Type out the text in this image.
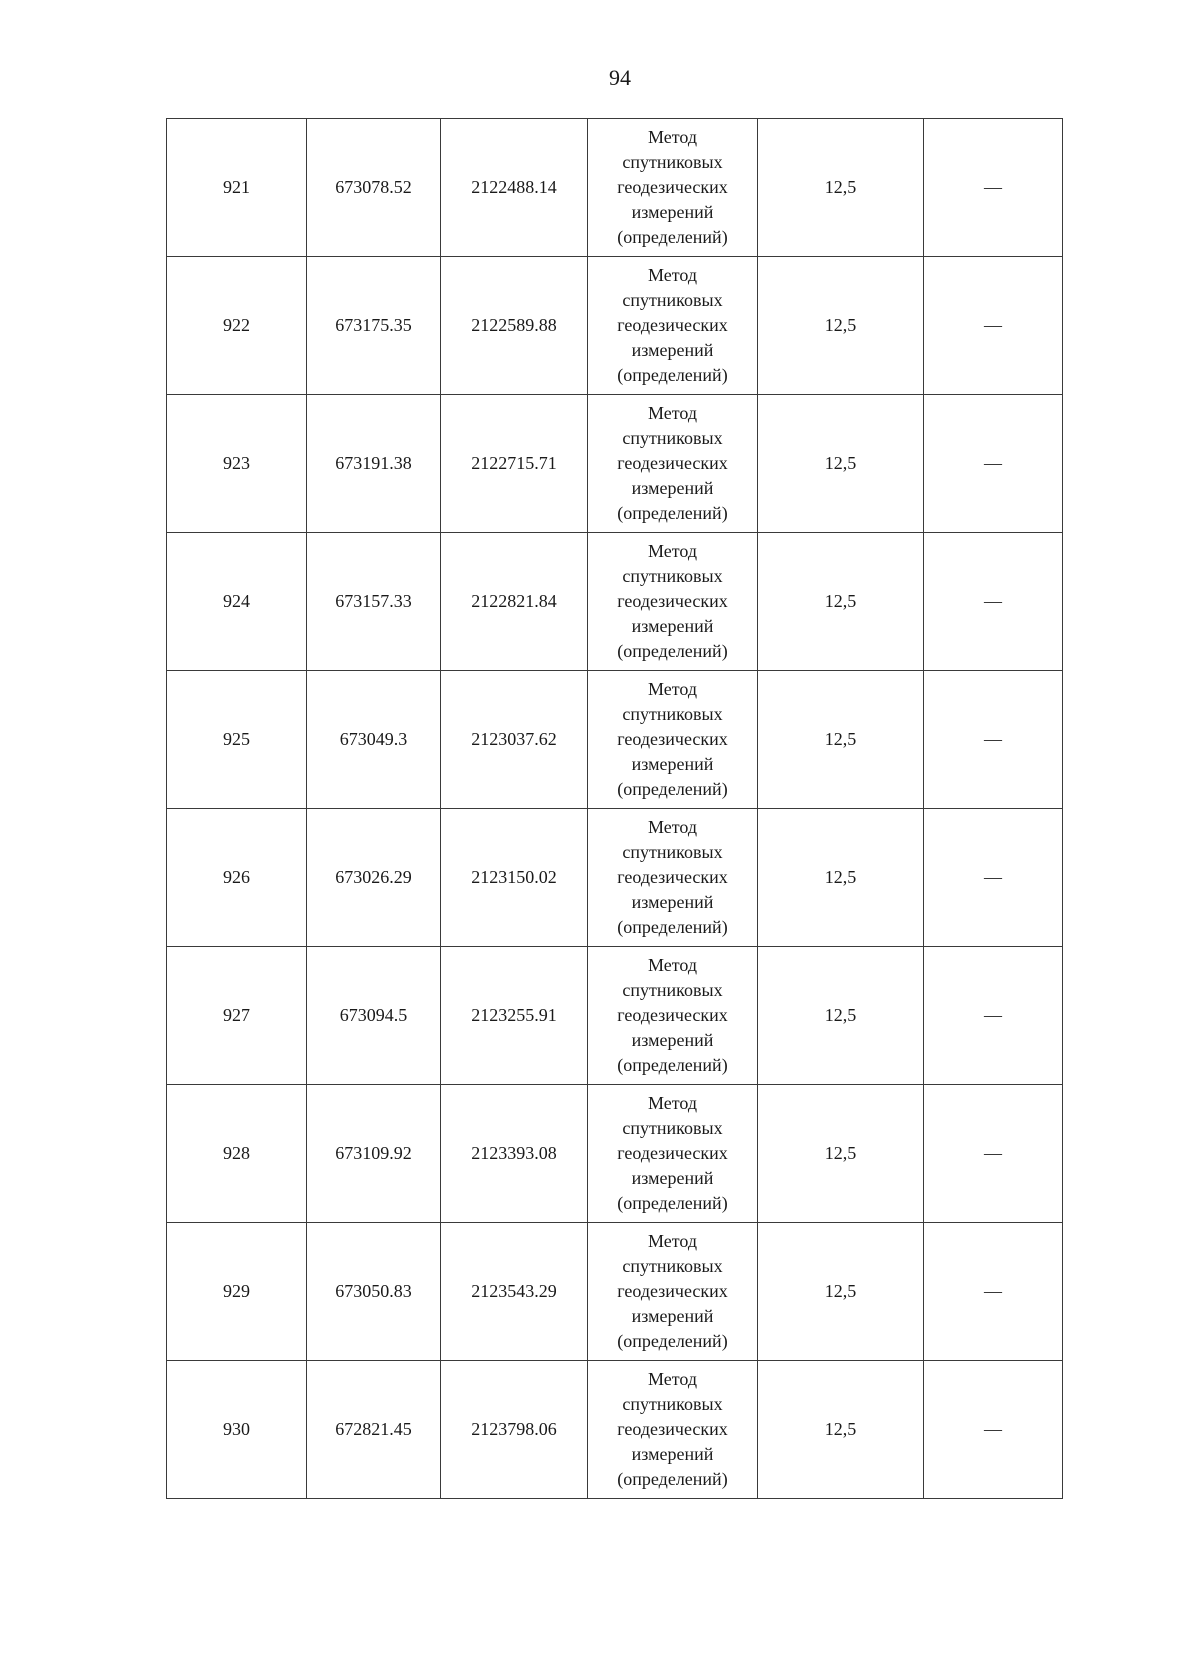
94
921	673078.52	2122488.14	Метод
спутниковых
геодезических
измерений
(определений)	12,5	—
922	673175.35	2122589.88	Метод
спутниковых
геодезических
измерений
(определений)	12,5	—
923	673191.38	2122715.71	Метод
спутниковых
геодезических
измерений
(определений)	12,5	—
924	673157.33	2122821.84	Метод
спутниковых
геодезических
измерений
(определений)	12,5	—
925	673049.3	2123037.62	Метод
спутниковых
геодезических
измерений
(определений)	12,5	—
926	673026.29	2123150.02	Метод
спутниковых
геодезических
измерений
(определений)	12,5	—
927	673094.5	2123255.91	Метод
спутниковых
геодезических
измерений
(определений)	12,5	—
928	673109.92	2123393.08	Метод
спутниковых
геодезических
измерений
(определений)	12,5	—
929	673050.83	2123543.29	Метод
спутниковых
геодезических
измерений
(определений)	12,5	—
930	672821.45	2123798.06	Метод
спутниковых
геодезических
измерений
(определений)	12,5	—
